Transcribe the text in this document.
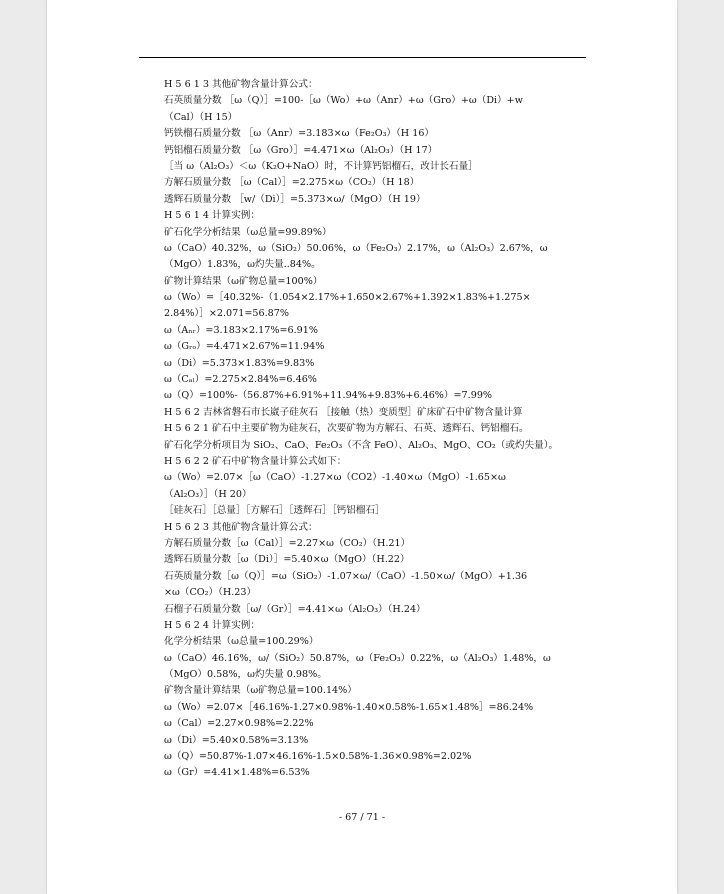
H 5 6 1 3 其他矿物含量计算公式：
石英质量分数 ［ω（Q）］=100-［ω（Wo）+ω（Anr）+ω（Gro）+ω（Di）+w
（Cal）（H 15）
钙铁榴石质量分数 ［ω（Anr）=3.183×ω（Fe₂O₃）（H 16）
钙铝榴石质量分数 ［ω（Gro）］=4.471×ω（Al₂O₃）（H 17）
［当 ω（Al₂O₃）＜ω（K₂O+NaO）时，不计算钙铝榴石，改计长石量］
方解石质量分数 ［ω（Cal）］=2.275×ω（CO₂）（H 18）
透辉石质量分数 ［w/（Di）］=5.373×ω/（MgO）（H 19）
H 5 6 1 4 计算实例：
矿石化学分析结果（ω总量=99.89%）
ω（CaO）40.32%，ω（SiO₂）50.06%，ω（Fe₂O₃）2.17%，ω（Al₂O₃）2.67%，ω
（MgO）1.83%，ω灼失量..84%。
矿物计算结果（ω矿物总量=100%）
ω（Wo）=［40.32%-（1.054×2.17%+1.650×2.67%+1.392×1.83%+1.275×
2.84%）］×2.071=56.87%
ω（Aₙᵣ）=3.183×2.17%=6.91%
ω（Gᵣₒ）=4.471×2.67%=11.94%
ω（Di）=5.373×1.83%=9.83%
ω（Cₐₗ）=2.275×2.84%=6.46%
ω（Q）=100%-（56.87%+6.91%+11.94%+9.83%+6.46%）=7.99%
H 5 6 2 吉林省磐石市长崴子硅灰石 ［接触（热）变质型］矿床矿石中矿物含量计算
H 5 6 2 1 矿石中主要矿物为硅灰石，次要矿物为方解石、石英、透辉石、钙铝榴石。
矿石化学分析项目为 SiO₂、CaO、Fe₂O₃（不含 FeO）、Al₂O₃、MgO、CO₂（或灼失量）。
H 5 6 2 2 矿石中矿物含量计算公式如下：
ω（Wo）=2.07×［ω（CaO）-1.27×ω（CO2）-1.40×ω（MgO）-1.65×ω
（Al₂O₃）］（H 20）
［硅灰石］［总量］［方解石］［透辉石］［钙铝榴石］
H 5 6 2 3 其他矿物含量计算公式：
方解石质量分数［ω（Cal）］=2.27×ω（CO₂）（H.21）
透辉石质量分数［ω（Di）］=5.40×ω（MgO）（H.22）
石英质量分数［ω（Q）］=ω（SiO₂）-1.07×ω/（CaO）-1.50×ω/（MgO）+1.36
×ω（CO₂）（H.23）
石榴子石质量分数［ω/（Gr）］=4.41×ω（Al₂O₃）（H.24）
H 5 6 2 4 计算实例：
化学分析结果（ω总量=100.29%）
ω（CaO）46.16%，ω/（SiO₂）50.87%，ω（Fe₂O₃）0.22%，ω（Al₂O₃）1.48%，ω
（MgO）0.58%，ω灼失量 0.98%。
矿物含量计算结果（ω矿物总量=100.14%）
ω（Wo）=2.07×［46.16%-1.27×0.98%-1.40×0.58%-1.65×1.48%］=86.24%
ω（Cal）=2.27×0.98%=2.22%
ω（Di）=5.40×0.58%=3.13%
ω（Q）=50.87%-1.07×46.16%-1.5×0.58%-1.36×0.98%=2.02%
ω（Gr）=4.41×1.48%=6.53%
- 67 / 71 -
